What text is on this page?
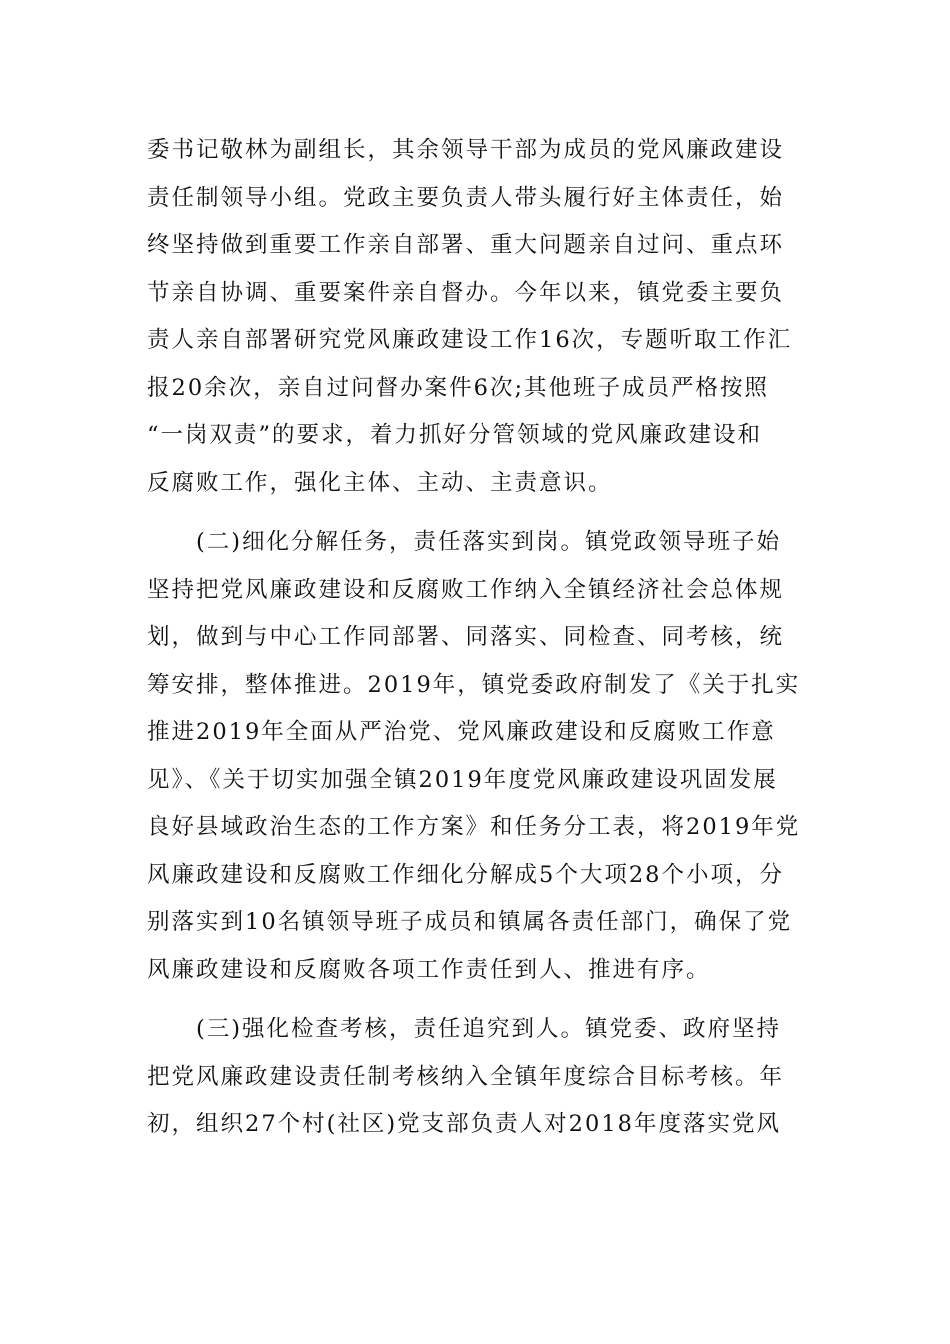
委书记敬林为副组长，其余领导干部为成员的党风廉政建设
责任制领导小组。党政主要负责人带头履行好主体责任，始
终坚持做到重要工作亲自部署、重大问题亲自过问、重点环
节亲自协调、重要案件亲自督办。今年以来，镇党委主要负
责人亲自部署研究党风廉政建设工作16次，专题听取工作汇
报20余次，亲自过问督办案件6次;其他班子成员严格按照
“一岗双责”的要求，着力抓好分管领域的党风廉政建设和
反腐败工作，强化主体、主动、主责意识。
　　(二)细化分解任务，责任落实到岗。镇党政领导班子始
坚持把党风廉政建设和反腐败工作纳入全镇经济社会总体规
划，做到与中心工作同部署、同落实、同检查、同考核，统
筹安排，整体推进。2019年，镇党委政府制发了《关于扎实
推进2019年全面从严治党、党风廉政建设和反腐败工作意
见》、《关于切实加强全镇2019年度党风廉政建设巩固发展
良好县域政治生态的工作方案》和任务分工表，将2019年党
风廉政建设和反腐败工作细化分解成5个大项28个小项，分
别落实到10名镇领导班子成员和镇属各责任部门，确保了党
风廉政建设和反腐败各项工作责任到人、推进有序。
　　(三)强化检查考核，责任追究到人。镇党委、政府坚持
把党风廉政建设责任制考核纳入全镇年度综合目标考核。年
初，组织27个村(社区)党支部负责人对2018年度落实党风
